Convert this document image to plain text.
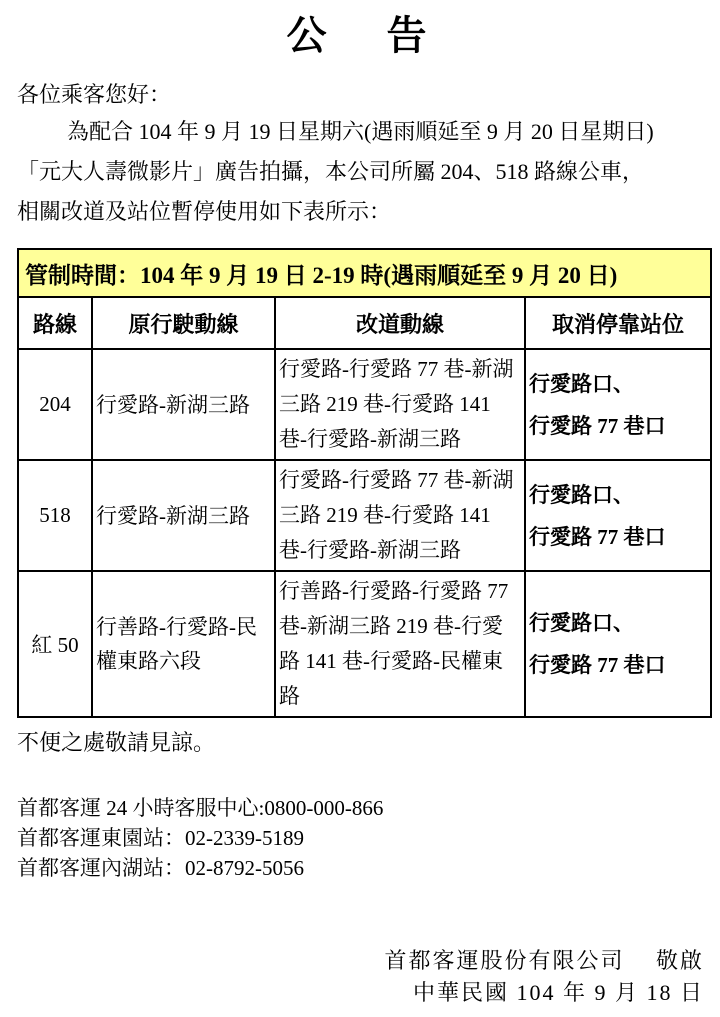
公　告
各位乘客您好：
為配合 104 年 9 月 19 日星期六(遇雨順延至 9 月 20 日星期日)
「元大人壽微影片」廣告拍攝，本公司所屬 204、518 路線公車，
相關改道及站位暫停使用如下表所示：
管制時間：104 年 9 月 19 日 2-19 時(遇雨順延至 9 月 20 日)			
路線	原行駛動線	改道動線	取消停靠站位
204	行愛路-新湖三路	行愛路-行愛路 77 巷-新湖三路 219 巷-行愛路 141 巷-行愛路-新湖三路	行愛路口、
行愛路 77 巷口

518	行愛路-新湖三路	行愛路-行愛路 77 巷-新湖三路 219 巷-行愛路 141 巷-行愛路-新湖三路	行愛路口、
行愛路 77 巷口

紅 50	行善路-行愛路-民權東路六段	行善路-行愛路-行愛路 77 巷-新湖三路 219 巷-行愛路 141 巷-行愛路-民權東路	行愛路口、
行愛路 77 巷口
不便之處敬請見諒。
首都客運 24 小時客服中心:0800-000-866
首都客運東園站：02-2339-5189
首都客運內湖站：02-8792-5056
首都客運股份有限公司　 敬啟
中華民國 104 年 9 月 18 日
